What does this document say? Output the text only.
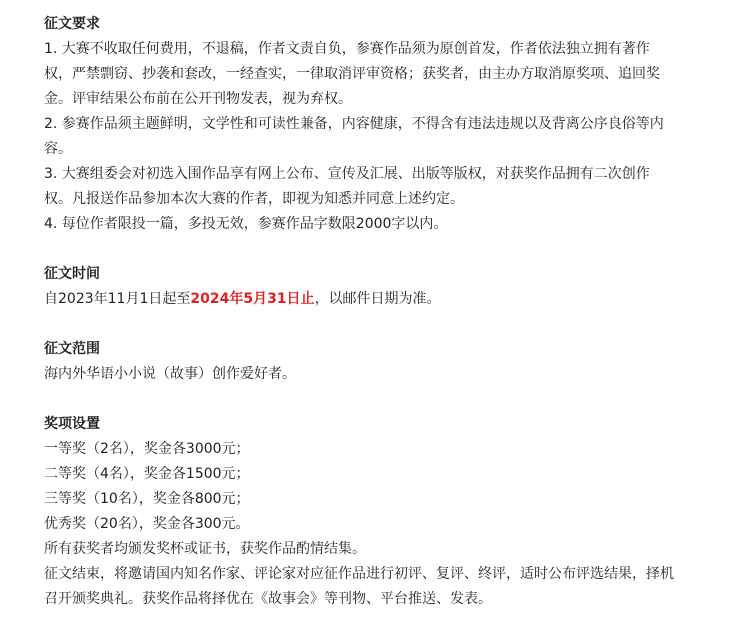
征文要求

1. 大赛不收取任何费用，不退稿，作者文责自负，参赛作品须为原创首发，作者依法独立拥有著作

权，严禁剽窃、抄袭和套改，一经查实，一律取消评审资格；获奖者，由主办方取消原奖项、追回奖

金。评审结果公布前在公开刊物发表，视为弃权。

2. 参赛作品须主题鲜明，文学性和可读性兼备，内容健康，不得含有违法违规以及背离公序良俗等内

容。

3. 大赛组委会对初选入围作品享有网上公布、宣传及汇展、出版等版权，对获奖作品拥有二次创作

权。凡报送作品参加本次大赛的作者，即视为知悉并同意上述约定。

4. 每位作者限投一篇，多投无效，参赛作品字数限2000字以内。

征文时间

自2023年11月1日起至2024年5月31日止，以邮件日期为准。

征文范围

海内外华语小小说（故事）创作爱好者。

奖项设置

一等奖（2名），奖金各3000元；

二等奖（4名），奖金各1500元；

三等奖（10名），奖金各800元；

优秀奖（20名），奖金各300元。

所有获奖者均颁发奖杯或证书，获奖作品酌情结集。

征文结束，将邀请国内知名作家、评论家对应征作品进行初评、复评、终评，适时公布评选结果，择机

召开颁奖典礼。获奖作品将择优在《故事会》等刊物、平台推送、发表。
